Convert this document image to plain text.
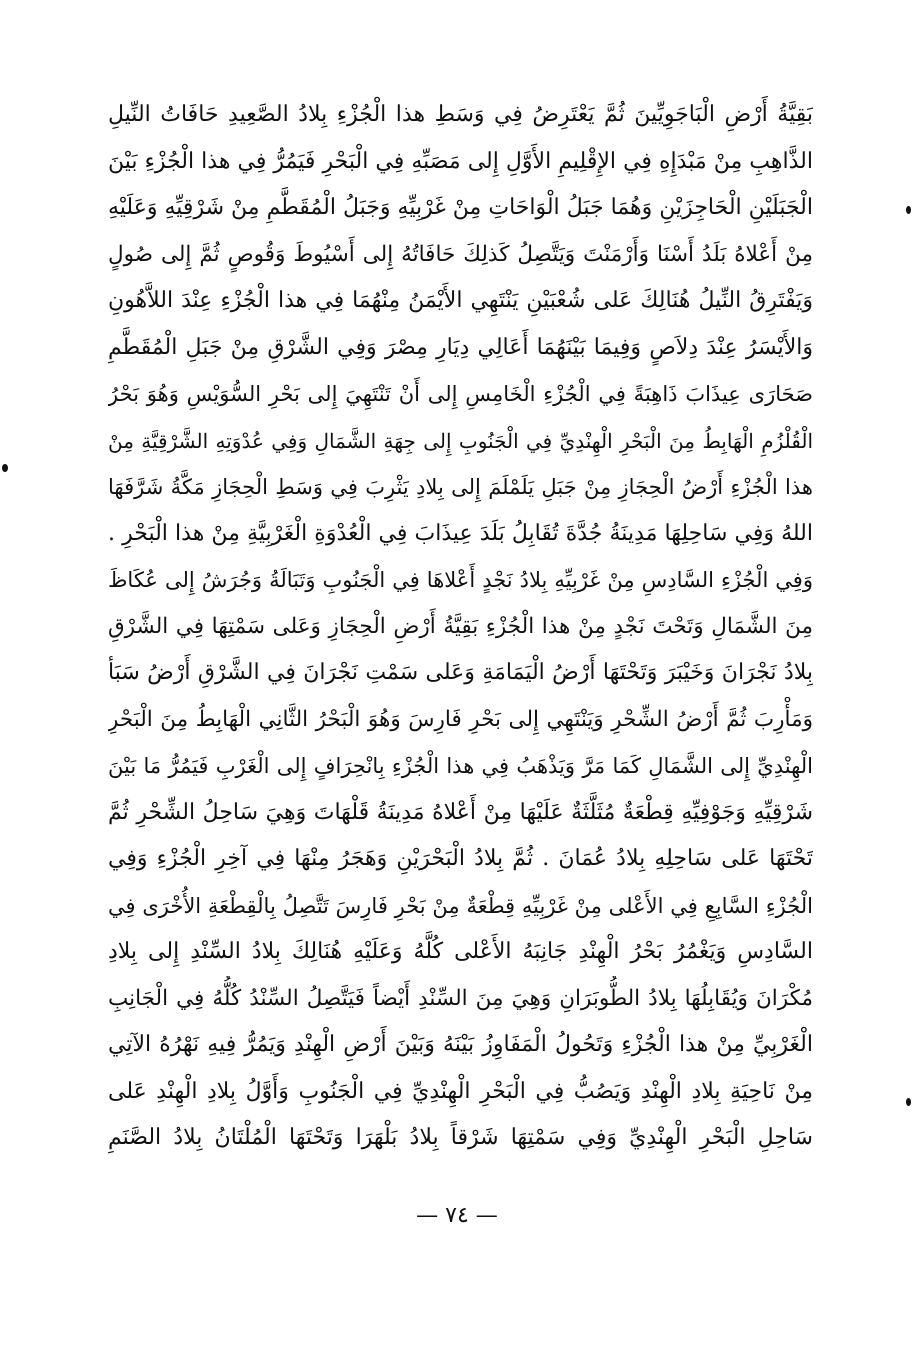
بَقِيَّةُ أَرْضِ الْبَاجَوِيِّينَ ثُمَّ يَعْتَرِضُ فِي وَسَطِ هذا الْجُزْءِ بِلادُ الصَّعِيدِ حَافَاتُ النِّيلِ
الذَّاهِبِ مِنْ مَبْدَإِهِ فِي الإِقْلِيمِ الأَوَّلِ إِلى مَصَبِّهِ فِي الْبَحْرِ فَيَمُرُّ فِي هذا الْجُزْءِ بَيْنَ
الْجَبَلَيْنِ الْحَاجِزَيْنِ وَهُمَا جَبَلُ الْوَاحَاتِ مِنْ غَرْبِيِّهِ وَجَبَلُ الْمُقَطَّمِ مِنْ شَرْقِيِّهِ وَعَلَيْهِ
مِنْ أَعْلاهُ بَلَدُ أَسْنَا وَأَرْمَنْتَ وَيَتَّصِلُ كَذلِكَ حَافَاتُهُ إِلى أَسْيُوطَ وَقُوصٍ ثُمَّ إِلى صُولٍ
وَيَفْتَرِقُ النِّيلُ هُنَالِكَ عَلى شُعْبَيْنِ يَنْتَهِي الأَيْمَنُ مِنْهُمَا فِي هذا الْجُزْءِ عِنْدَ اللاَّهُونِ
وَالأَيْسَرُ عِنْدَ دِلاَصٍ وَفِيمَا بَيْنَهُمَا أَعَالِي دِيَارِ مِصْرَ وَفِي الشَّرْقِ مِنْ جَبَلِ الْمُقَطَّمِ
صَحَارَى عِيذَابَ ذَاهِبَةً فِي الْجُزْءِ الْخَامِسِ إِلى أَنْ تَنْتَهِيَ إِلى بَحْرِ السُّوَيْسِ وَهُوَ بَحْرُ
الْقُلْزُمِ الْهَابِطُ مِنَ الْبَحْرِ الْهِنْدِيِّ فِي الْجَنُوبِ إِلى جِهَةِ الشَّمَالِ وَفِي عُدْوَتِهِ الشَّرْقِيَّةِ مِنْ
هذا الْجُزْءِ أَرْضُ الْحِجَازِ مِنْ جَبَلِ يَلَمْلَمَ إِلى بِلادِ يَثْرِبَ فِي وَسَطِ الْحِجَازِ مَكَّةُ شَرَّفَهَا
اللهُ وَفِي سَاحِلِهَا مَدِينَةُ جُدَّةَ تُقَابِلُ بَلَدَ عِيذَابَ فِي الْعُدْوَةِ الْغَرْبِيَّةِ مِنْ هذا الْبَحْرِ .
وَفِي الْجُزْءِ السَّادِسِ مِنْ غَرْبِيِّهِ بِلادُ نَجْدٍ أَعْلاهَا فِي الْجَنُوبِ وَتَبَالَةُ وَجُرَشُ إِلى عُكَاظَ
مِنَ الشَّمَالِ وَتَحْتَ نَجْدٍ مِنْ هذا الْجُزْءِ بَقِيَّةُ أَرْضِ الْحِجَازِ وَعَلى سَمْتِهَا فِي الشَّرْقِ
بِلادُ نَجْرَانَ وَخَيْبَرَ وَتَحْتَهَا أَرْضُ الْيَمَامَةِ وَعَلى سَمْتِ نَجْرَانَ فِي الشَّرْقِ أَرْضُ سَبَأ
وَمَأْرِبَ ثُمَّ أَرْضُ الشِّحْرِ وَيَنْتَهِي إِلى بَحْرِ فَارِسَ وَهُوَ الْبَحْرُ الثَّانِي الْهَابِطُ مِنَ الْبَحْرِ
الْهِنْدِيِّ إِلى الشَّمَالِ كَمَا مَرَّ وَيَذْهَبُ فِي هذا الْجُزْءِ بِانْحِرَافٍ إِلى الْغَرْبِ فَيَمُرُّ مَا بَيْنَ
شَرْقِيِّهِ وَجَوْفِيِّهِ قِطْعَةٌ مُثَلَّثَةٌ عَلَيْهَا مِنْ أَعْلاهُ مَدِينَةُ قَلْهَاتَ وَهِيَ سَاحِلُ الشِّحْرِ ثُمَّ
تَحْتَهَا عَلى سَاحِلِهِ بِلادُ عُمَانَ . ثُمَّ بِلادُ الْبَحْرَيْنِ وَهَجَرُ مِنْهَا فِي آخِرِ الْجُزْءِ وَفِي
الْجُزْءِ السَّابِعِ فِي الأَعْلى مِنْ غَرْبِيِّهِ قِطْعَةٌ مِنْ بَحْرِ فَارِسَ تَتَّصِلُ بِالْقِطْعَةِ الأُخْرَى فِي
السَّادِسِ وَيَغْمُرُ بَحْرُ الْهِنْدِ جَانِبَهُ الأَعْلى كُلَّهُ وَعَلَيْهِ هُنَالِكَ بِلادُ السِّنْدِ إِلى بِلادِ
مُكْرَانَ وَيُقَابِلُهَا بِلادُ الطُّوبَرَانِ وَهِيَ مِنَ السِّنْدِ أَيْضاً فَيَتَّصِلُ السِّنْدُ كُلُّهُ فِي الْجَانِبِ
الْغَرْبِيِّ مِنْ هذا الْجُزْءِ وَتَحُولُ الْمَفَاوِزُ بَيْنَهُ وَبَيْنَ أَرْضِ الْهِنْدِ وَيَمُرُّ فِيهِ نَهْرُهُ الآتِي
مِنْ نَاحِيَةِ بِلادِ الْهِنْدِ وَيَصُبُّ فِي الْبَحْرِ الْهِنْدِيِّ فِي الْجَنُوبِ وَأَوَّلُ بِلادِ الْهِنْدِ عَلى
سَاحِلِ الْبَحْرِ الْهِنْدِيِّ وَفِي سَمْتِهَا شَرْقاً بِلادُ بَلْهَرَا وَتَحْتَهَا الْمُلْتَانُ بِلادُ الصَّنَمِ
— ٧٤ —
